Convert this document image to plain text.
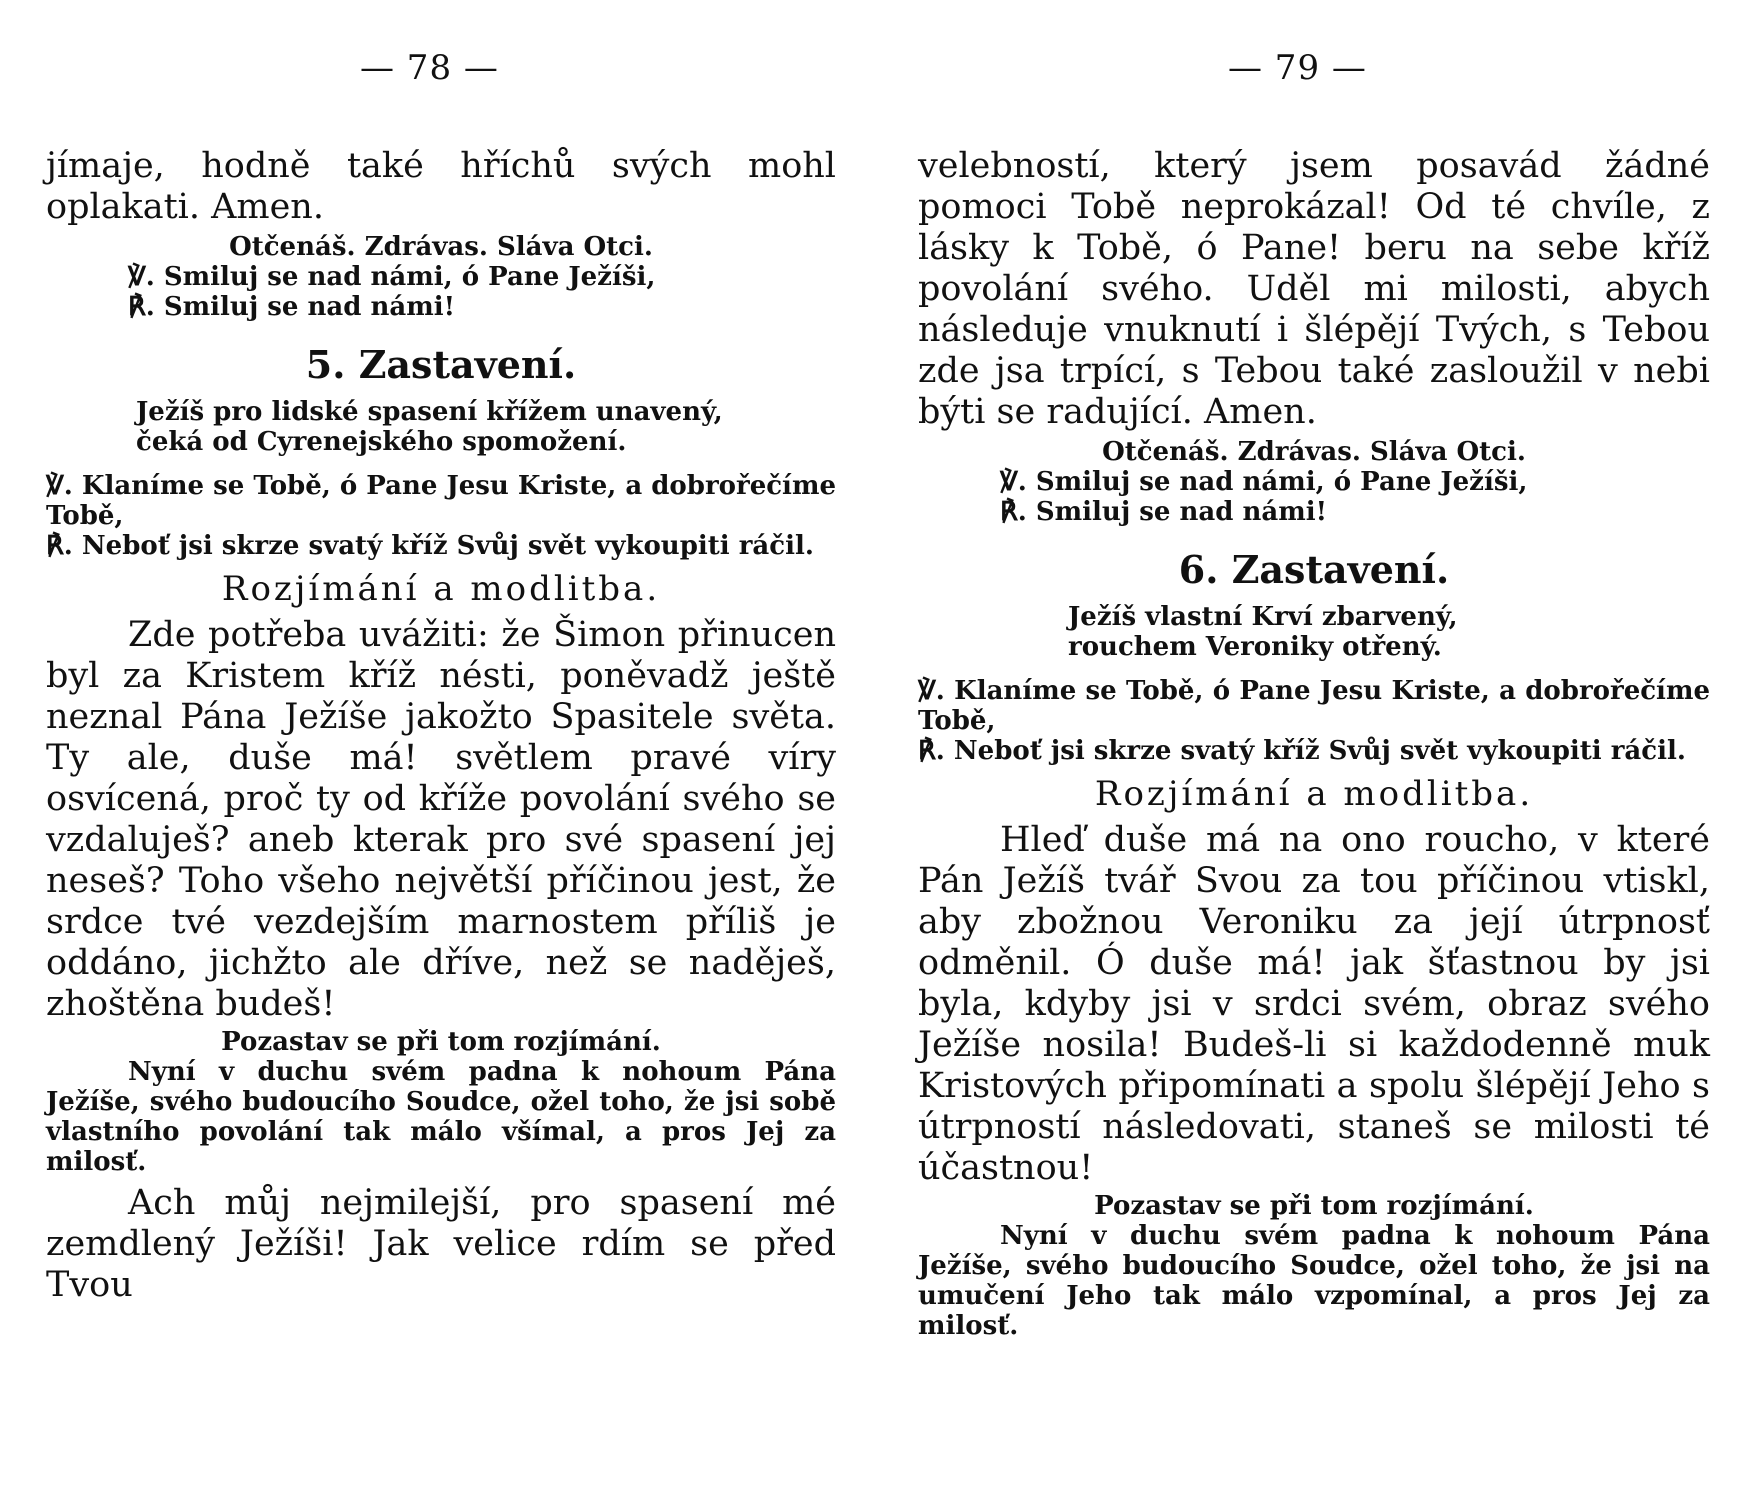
— 78 —

jímaje, hodně také hříchů svých mohl oplakati. Amen.

Otčenáš. Zdrávas. Sláva Otci.

℣. Smiluj se nad námi, ó Pane Ježíši,

℟. Smiluj se nad námi!

5. Zastavení.

Ježíš pro lidské spasení křížem unavený,

čeká od Cyrenejského spomožení.

℣. Klaníme se Tobě, ó Pane Jesu Kriste, a dobrořečíme Tobě,

℟. Neboť jsi skrze svatý kříž Svůj svět vykoupiti ráčil.

Rozjímání a modlitba.

Zde potřeba uvážiti: že Šimon přinucen byl za Kristem kříž nésti, poněvadž ještě neznal Pána Ježíše jakožto Spasitele světa. Ty ale, duše má! světlem pravé víry osvícená, proč ty od kříže povolání svého se vzdaluješ? aneb kterak pro své spasení jej neseš? Toho všeho největší příčinou jest, že srdce tvé vezdejším marnostem příliš je oddáno, jichžto ale dříve, než se naděješ, zhoštěna budeš!

Pozastav se při tom rozjímání.

Nyní v duchu svém padna k nohoum Pána Ježíše, svého budoucího Soudce, ožel toho, že jsi sobě vlastního povolání tak málo všímal, a pros Jej za milosť.

Ach můj nejmilejší, pro spasení mé zemdlený Ježíši! Jak velice rdím se před Tvou

— 79 —

velebností, který jsem posavád žádné pomoci Tobě neprokázal! Od té chvíle, z lásky k Tobě, ó Pane! beru na sebe kříž povolání svého. Uděl mi milosti, abych následuje vnuknutí i šlépějí Tvých, s Tebou zde jsa trpící, s Tebou také zasloužil v nebi býti se radující. Amen.

Otčenáš. Zdrávas. Sláva Otci.

℣. Smiluj se nad námi, ó Pane Ježíši,

℟. Smiluj se nad námi!

6. Zastavení.

Ježíš vlastní Krví zbarvený,

rouchem Veroniky otřený.

℣. Klaníme se Tobě, ó Pane Jesu Kriste, a dobrořečíme Tobě,

℟. Neboť jsi skrze svatý kříž Svůj svět vykoupiti ráčil.

Rozjímání a modlitba.

Hleď duše má na ono roucho, v které Pán Ježíš tvář Svou za tou příčinou vtiskl, aby zbožnou Veroniku za její útrpnosť odměnil. Ó duše má! jak šťastnou by jsi byla, kdyby jsi v srdci svém, obraz svého Ježíše nosila! Budeš-li si každodenně muk Kristových připomínati a spolu šlépějí Jeho s útrpností následovati, staneš se milosti té účastnou!

Pozastav se při tom rozjímání.

Nyní v duchu svém padna k nohoum Pána Ježíše, svého budoucího Soudce, ožel toho, že jsi na umučení Jeho tak málo vzpomínal, a pros Jej za milosť.
